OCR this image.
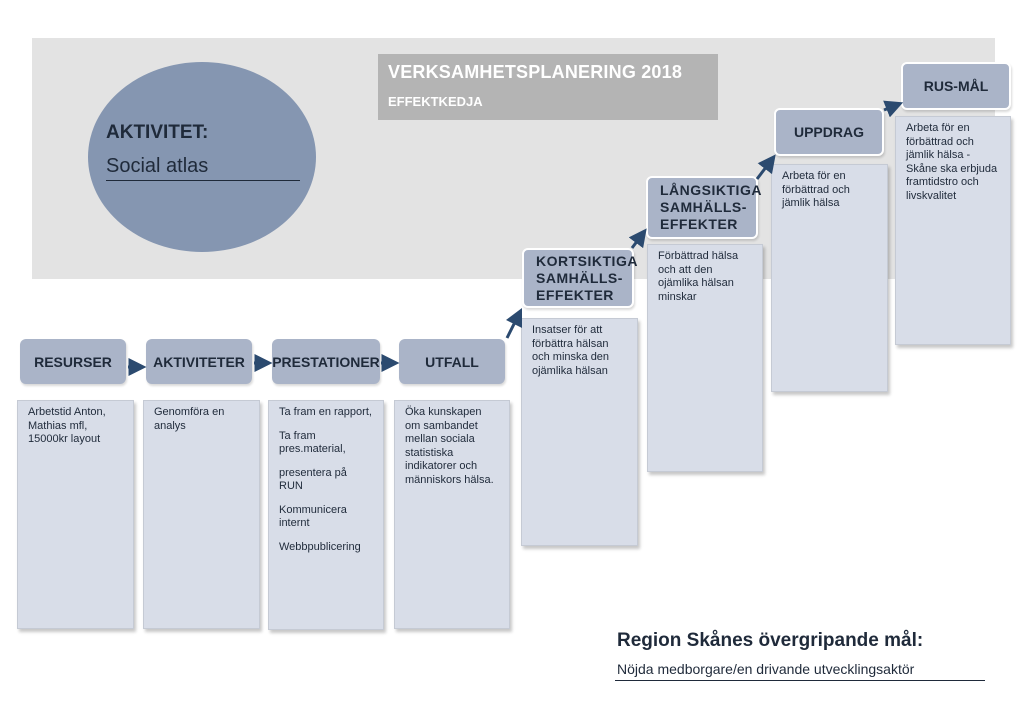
VERKSAMHETSPLANERING 2018
EFFEKTKEDJA
AKTIVITET:
Social atlas

Arbetstid Anton, Mathias mfl, 15000kr layout

Genomföra en analys

Ta fram en rapport,

Ta fram pres.material,

presentera på RUN

Kommunicera internt

Webbpublicering

Öka kunskapen om sambandet mellan sociala statistiska indikatorer och människors hälsa.

Insatser för att förbättra hälsan och minska den ojämlika hälsan

Förbättrad hälsa och att den ojämlika hälsan minskar

Arbeta för en förbättrad och jämlik hälsa

Arbeta för en förbättrad och jämlik hälsa - Skåne ska erbjuda framtidstro och livskvalitet

RESURSER	AKTIVITETER	PRESTATIONER	UTFALL
KORTSIKTIGA SAMHÄLLS-EFFEKTER
LÅNGSIKTIGA SAMHÄLLS-EFFEKTER
UPPDRAG
RUS-MÅL
Region Skånes övergripande mål:
Nöjda medborgare/en drivande utvecklingsaktör
